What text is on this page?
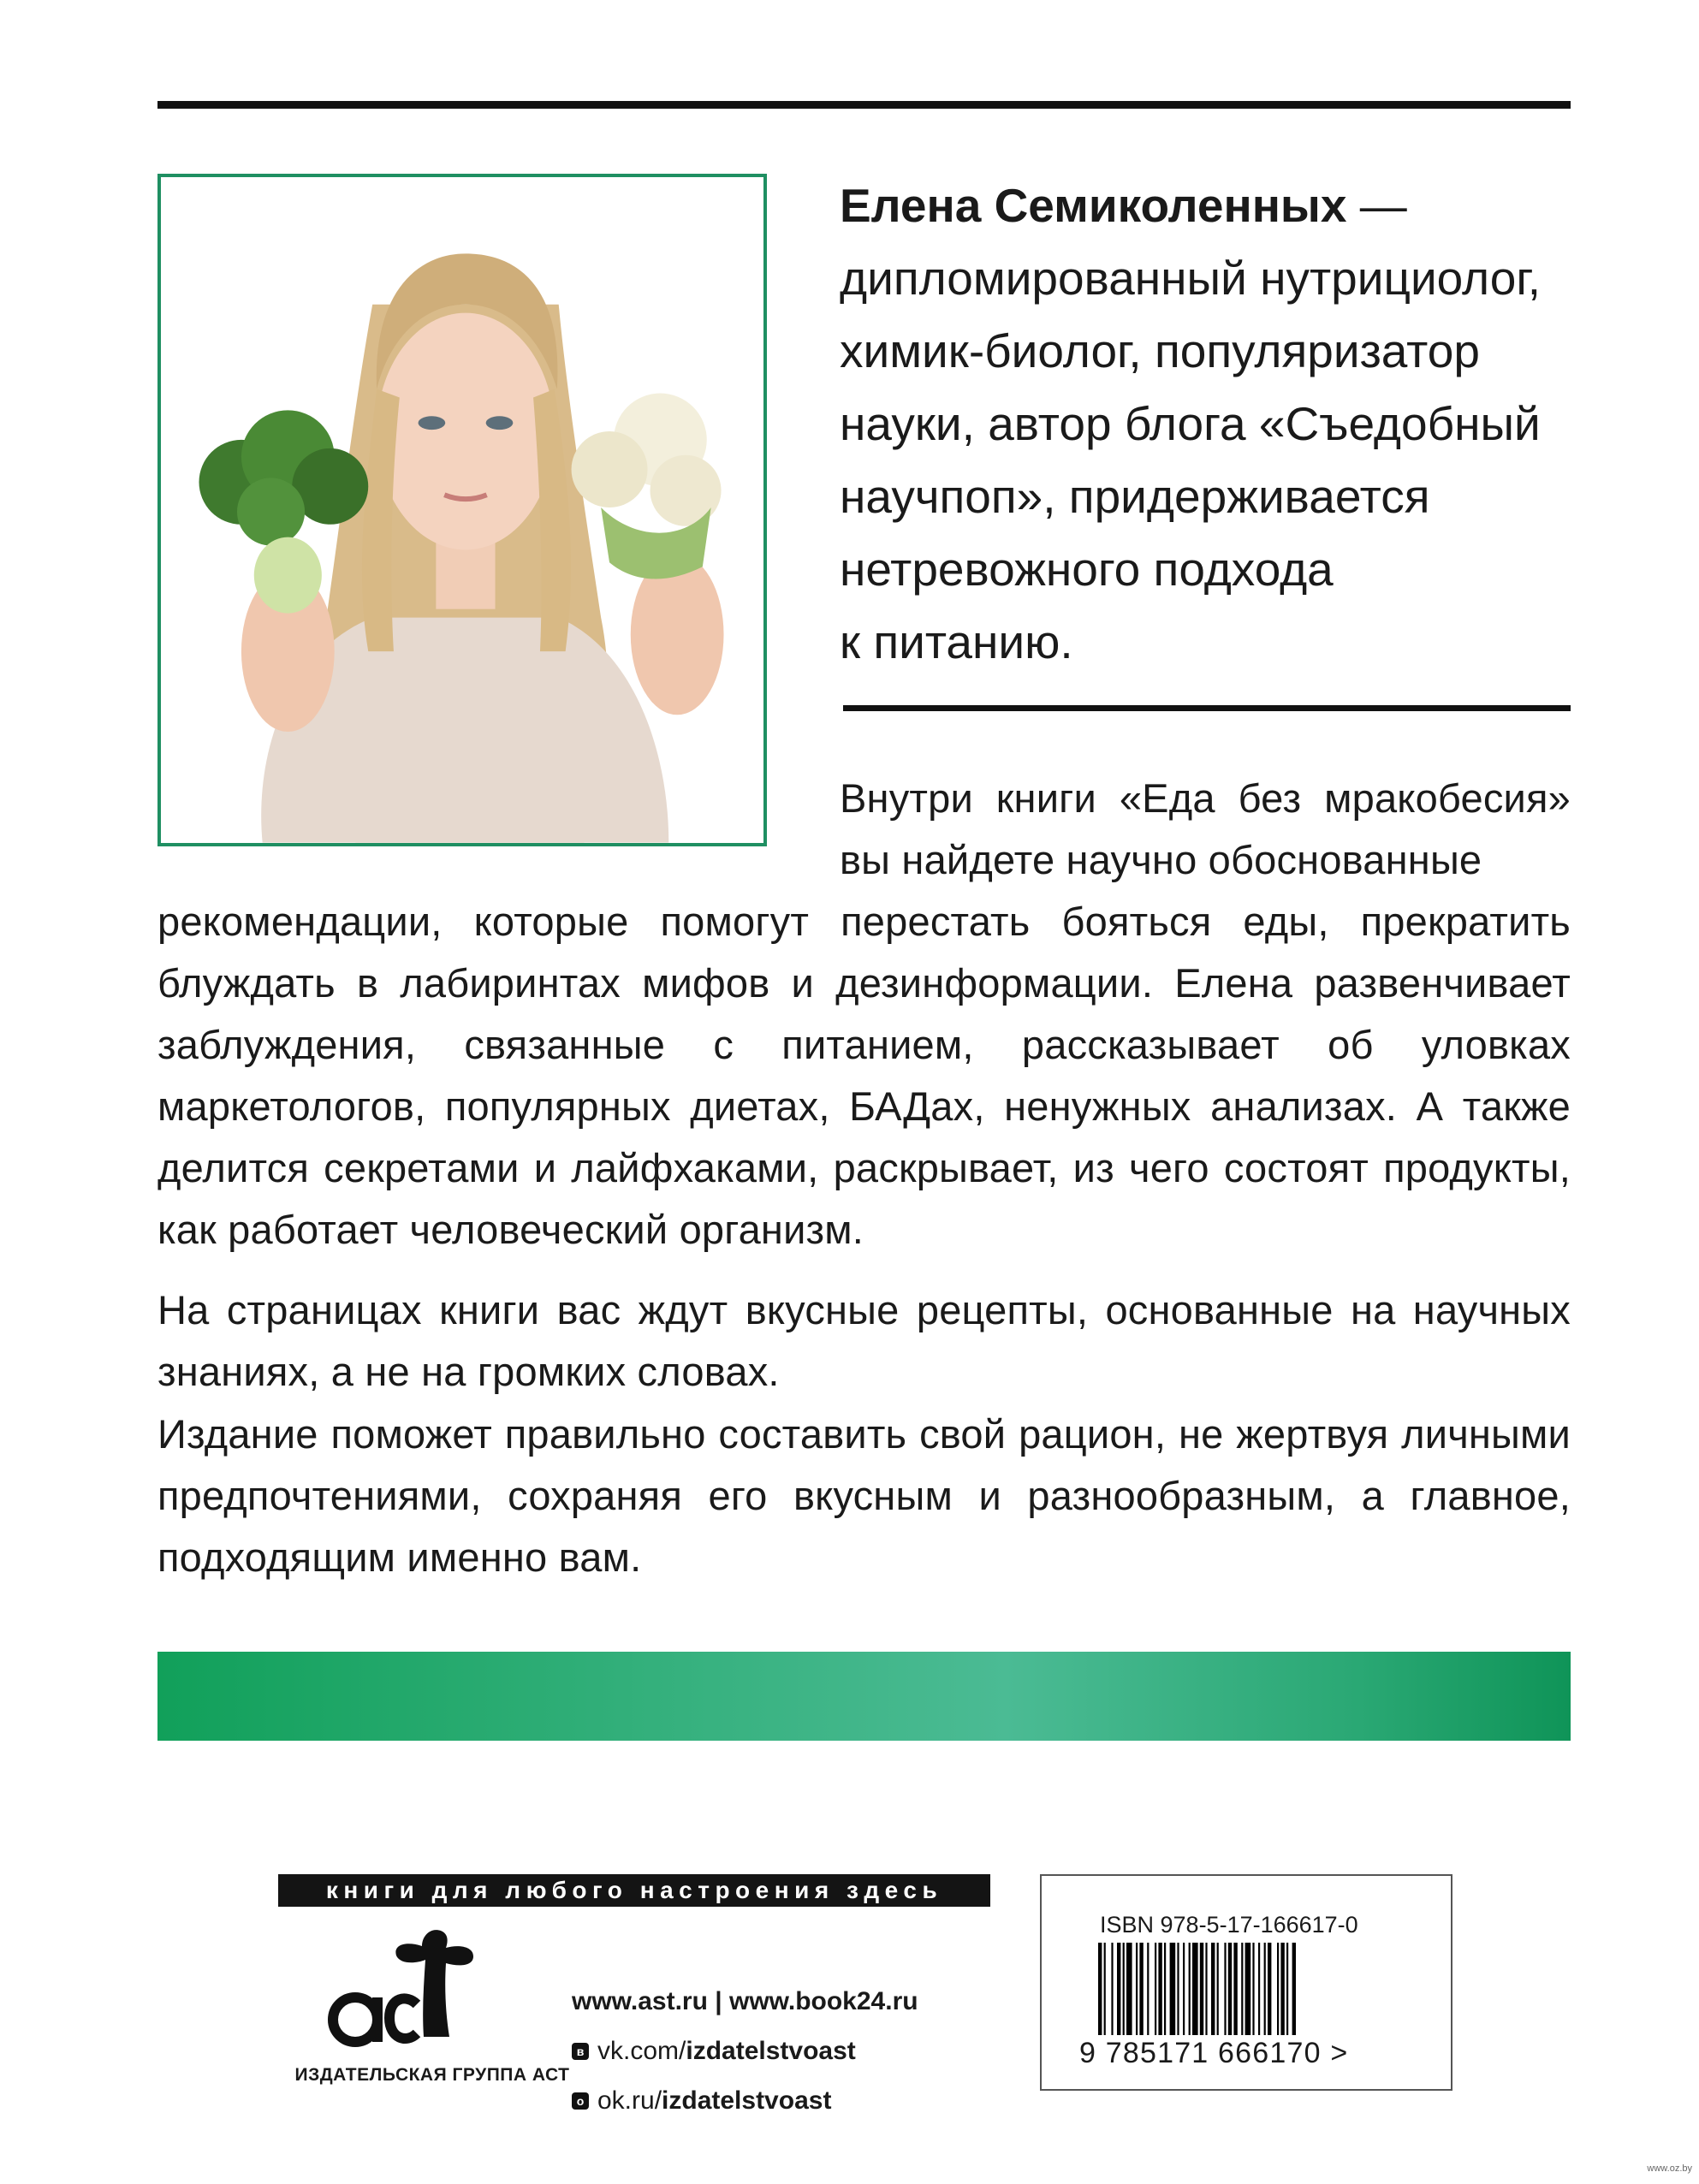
Елена Семиколенных —
дипломированный нутрициолог,
химик-биолог, популяризатор
науки, автор блога «Съедобный
научпоп», придерживается
нетревожного подхода
к питанию.

Внутри книги «Еда без мракобесия» вы найдете научно обоснованные

рекомендации, которые помогут перестать бояться еды, прекратить блуждать в лабиринтах мифов и дезинформации. Елена развенчивает заблуждения, связанные с питанием, рассказывает об уловках маркетологов, популярных диетах, БАДах, ненужных анализах. А также делится секретами и лайфхаками, раскрывает, из чего состоят продукты, как работает человеческий организм.

На страницах книги вас ждут вкусные рецепты, основанные на научных знаниях, а не на громких словах.

Издание поможет правильно составить свой рацион, не жертвуя личными предпочтениями, сохраняя его вкусным и разнообразным, а главное, подходящим именно вам.

книги для любого настроения здесь
ИЗДАТЕЛЬСКАЯ ГРУППА АСТ
www.ast.ru | www.book24.ru
в vk.com/ izdatelstvoast
о ok.ru/ izdatelstvoast
ISBN 978-5-17-166617-0
9 785171 666170 >
www.oz.by
